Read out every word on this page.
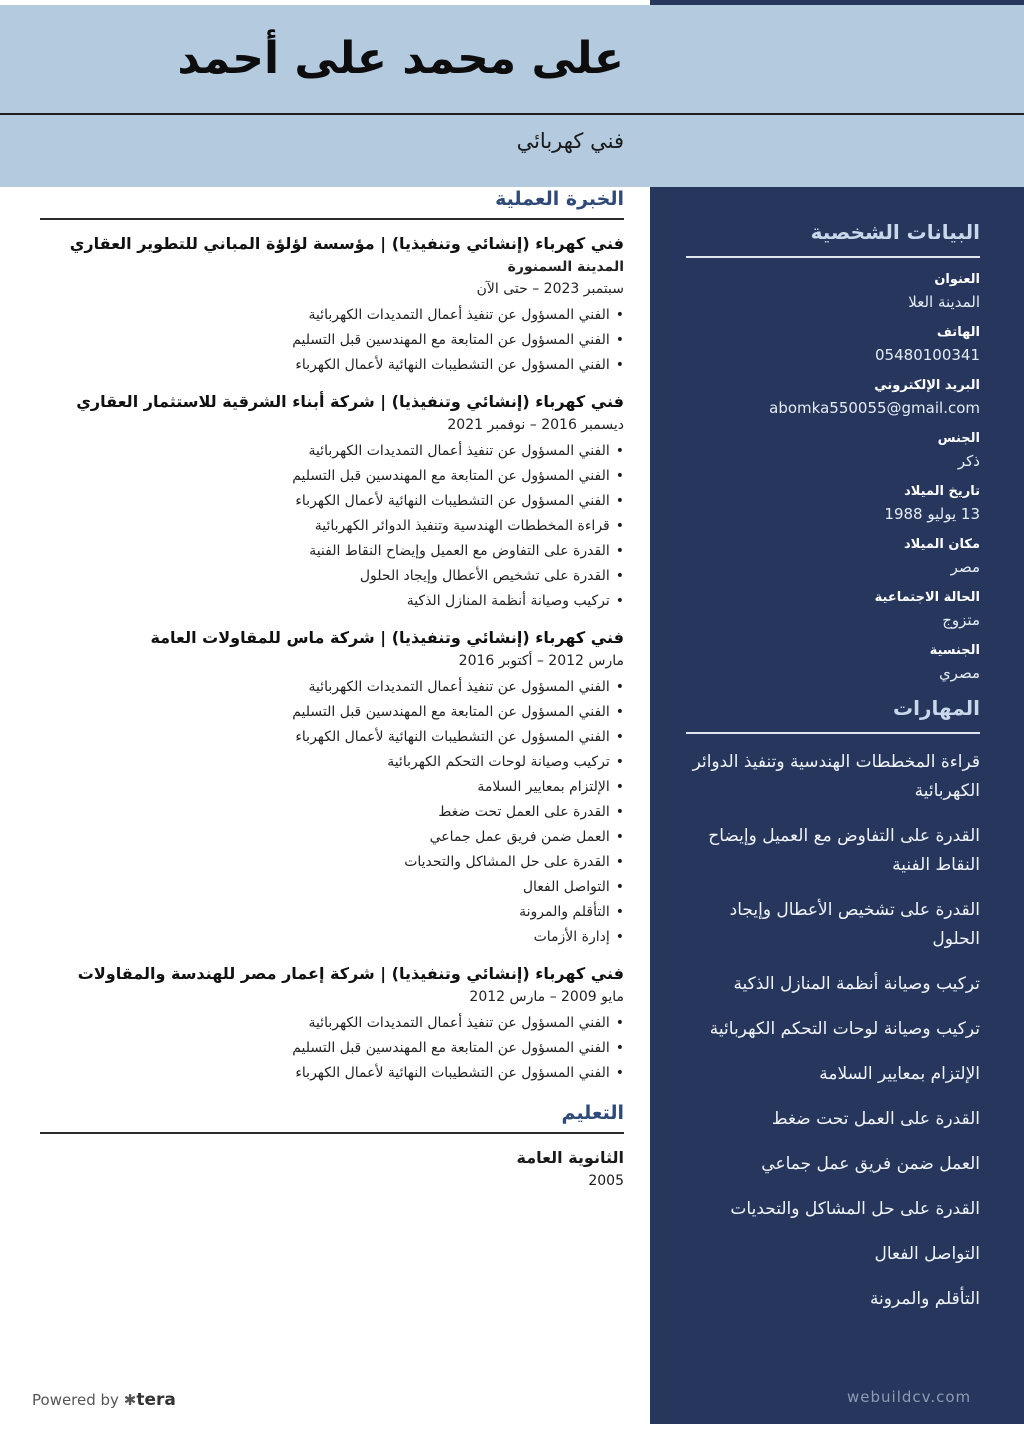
على محمد على أحمد
فني كهربائي
الخبرة العملية
فني كهرباء (إنشائي وتنفيذيا) | مؤسسة لؤلؤة المباني للتطوير العقاري
المدينة السمنورة
سبتمبر 2023 – حتى الآن
• الفني المسؤول عن تنفيذ أعمال التمديدات الكهربائية
• الفني المسؤول عن المتابعة مع المهندسين قبل التسليم
• الفني المسؤول عن التشطيبات النهائية لأعمال الكهرباء
فني كهرباء (إنشائي وتنفيذيا) | شركة أبناء الشرقية للاستثمار العقاري
ديسمبر 2016 – نوفمبر 2021
• الفني المسؤول عن تنفيذ أعمال التمديدات الكهربائية
• الفني المسؤول عن المتابعة مع المهندسين قبل التسليم
• الفني المسؤول عن التشطيبات النهائية لأعمال الكهرباء
• قراءة المخططات الهندسية وتنفيذ الدوائر الكهربائية
• القدرة على التفاوض مع العميل وإيضاح النقاط الفنية
• القدرة على تشخيص الأعطال وإيجاد الحلول
• تركيب وصيانة أنظمة المنازل الذكية
فني كهرباء (إنشائي وتنفيذيا) | شركة ماس للمقاولات العامة
مارس 2012 – أكتوبر 2016
• الفني المسؤول عن تنفيذ أعمال التمديدات الكهربائية
• الفني المسؤول عن المتابعة مع المهندسين قبل التسليم
• الفني المسؤول عن التشطيبات النهائية لأعمال الكهرباء
• تركيب وصيانة لوحات التحكم الكهربائية
• الإلتزام بمعايير السلامة
• القدرة على العمل تحت ضغط
• العمل ضمن فريق عمل جماعي
• القدرة على حل المشاكل والتحديات
• التواصل الفعال
• التأقلم والمرونة
• إدارة الأزمات
فني كهرباء (إنشائي وتنفيذيا) | شركة إعمار مصر للهندسة والمقاولات
مايو 2009 – مارس 2012
• الفني المسؤول عن تنفيذ أعمال التمديدات الكهربائية
• الفني المسؤول عن المتابعة مع المهندسين قبل التسليم
• الفني المسؤول عن التشطيبات النهائية لأعمال الكهرباء
التعليم
الثانوية العامة
2005
البيانات الشخصية
العنوان
المدينة العلا
الهاتف
05480100341
البريد الإلكتروني
abomka550055@gmail.com
الجنس
ذكر
تاريخ الميلاد
13 يوليو 1988
مكان الميلاد
مصر
الحالة الاجتماعية
متزوج
الجنسية
مصري
المهارات
قراءة المخططات الهندسية وتنفيذ الدوائر الكهربائية
القدرة على التفاوض مع العميل وإيضاح النقاط الفنية
القدرة على تشخيص الأعطال وإيجاد الحلول
تركيب وصيانة أنظمة المنازل الذكية
تركيب وصيانة لوحات التحكم الكهربائية
الإلتزام بمعايير السلامة
القدرة على العمل تحت ضغط
العمل ضمن فريق عمل جماعي
القدرة على حل المشاكل والتحديات
التواصل الفعال
التأقلم والمرونة
Powered by ✱tera	webuildcv.com
